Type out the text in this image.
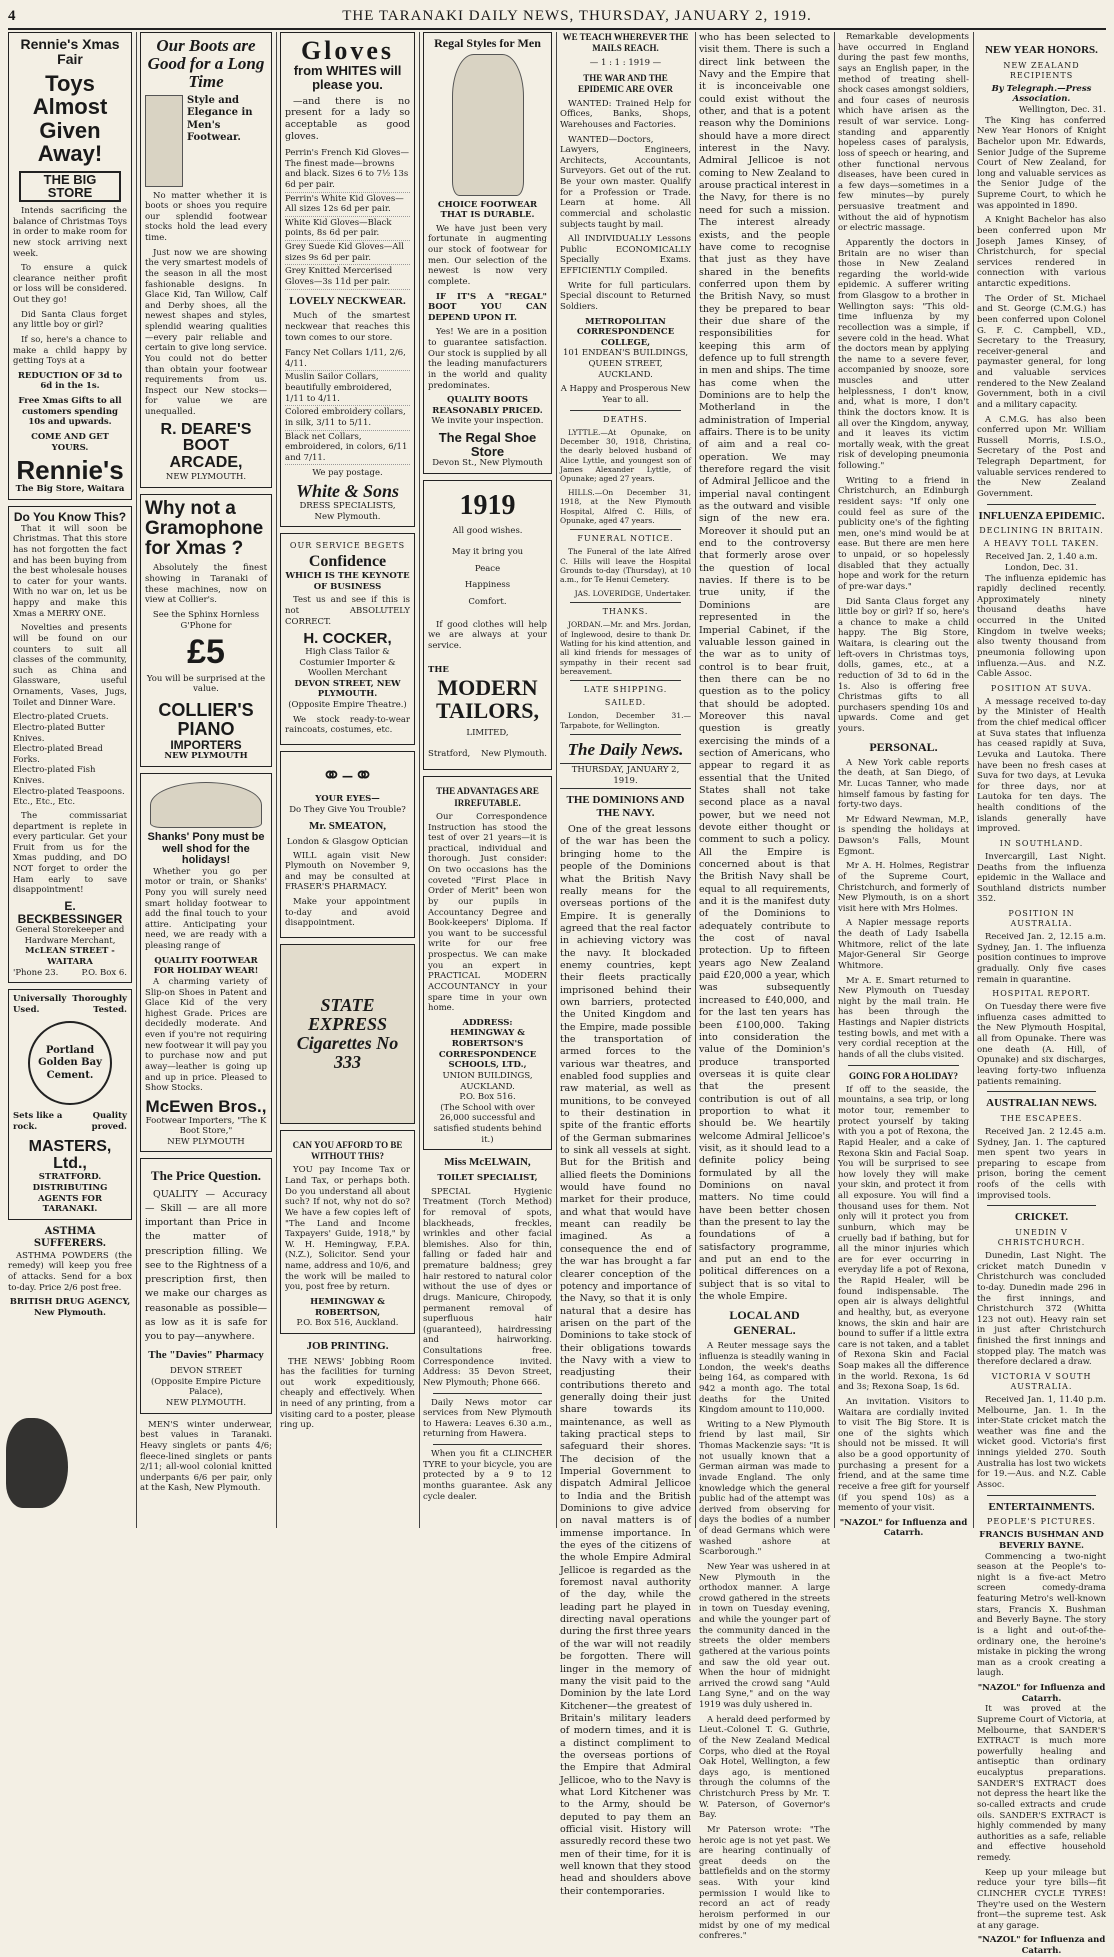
4	THE TARANAKI DAILY NEWS, THURSDAY, JANUARY 2, 1919.
Rennie's Xmas Fair
Toys Almost Given Away!
THE BIG STORE

Intends sacrificing the balance of Christmas Toys in order to make room for new stock arriving next week.

To ensure a quick clearance neither profit or loss will be considered. Out they go!

Did Santa Claus forget any little boy or girl?

If so, here's a chance to make a child happy by getting Toys at a

REDUCTION OF 3d to 6d in the 1s.
Free Xmas Gifts to all customers spending 10s and upwards.
COME AND GET YOURS.
Rennie's
The Big Store, Waitara
Do You Know This?

That it will soon be Christmas. That this store has not forgotten the fact and has been buying from the best wholesale houses to cater for your wants. With no war on, let us be happy and make this Xmas a MERRY ONE.

Novelties and presents will be found on our counters to suit all classes of the community, such as China and Glassware, useful Ornaments, Vases, Jugs, Toilet and Dinner Ware.

Electro-plated Cruets.
Electro-plated Butter Knives.
Electro-plated Bread Forks.
Electro-plated Fish Knives.
Electro-plated Teaspoons.
Etc., Etc., Etc.

The commissariat department is replete in every particular. Get your Fruit from us for the Xmas pudding, and DO NOT forget to order the Ham early to save disappointment!

E. BECKBESSINGER
General Storekeeper and Hardware Merchant,
McLEAN STREET - WAITARA
'Phone 23.	P.O. Box 6.
Universally Used.
Thoroughly Tested.
Portland Golden Bay Cement.
Sets like a rock.
Quality proved.
MASTERS, Ltd.,
STRATFORD.
DISTRIBUTING AGENTS FOR TARANAKI.
ASTHMA SUFFERERS.

ASTHMA POWDERS (the remedy) will keep you free of attacks. Send for a box to-day. Price 2/6 post free.

BRITISH DRUG AGENCY, New Plymouth.
Our Boots are Good for a Long Time
Style and Elegance in Men's Footwear.

No matter whether it is boots or shoes you require our splendid footwear stocks hold the lead every time.

Just now we are showing the very smartest models of the season in all the most fashionable designs. In Glace Kid, Tan Willow, Calf and Derby shoes, all the newest shapes and styles, splendid wearing qualities—every pair reliable and certain to give long service. You could not do better than obtain your footwear requirements from us. Inspect our New stocks—for value we are unequalled.

R. DEARE'S BOOT ARCADE,
NEW PLYMOUTH.
Why not a Gramophone for Xmas ?

Absolutely the finest showing in Taranaki of these machines, now on view at Collier's.

See the Sphinx Hornless G'Phone for
£5
You will be surprised at the value.
COLLIER'S PIANO
IMPORTERS
NEW PLYMOUTH
Shanks' Pony must be well shod for the holidays!

Whether you go per motor or train, or Shanks' Pony you will surely need smart holiday footwear to add the final touch to your attire. Anticipating your need, we are ready with a pleasing range of

QUALITY FOOTWEAR FOR HOLIDAY WEAR!

A charming variety of Slip-on Shoes in Patent and Glace Kid of the very highest Grade. Prices are decidedly moderate. And even if you're not requiring new footwear it will pay you to purchase now and put away—leather is going up and up in price. Pleased to Show Stocks.

McEwen Bros.,
Footwear Importers, "The K Boot Store,"
NEW PLYMOUTH
The Price Question.

QUALITY — Accuracy — Skill — are all more important than Price in the matter of prescription filling. We see to the Rightness of a prescription first, then we make our charges as reasonable as possible—as low as it is safe for you to pay—anywhere.

The "Davies" Pharmacy
DEVON STREET
(Opposite Empire Picture Palace),
NEW PLYMOUTH.

MEN'S winter underwear, best values in Taranaki. Heavy singlets or pants 4/6; fleece-lined singlets or pants 2/11; all-wool colonial knitted underpants 6/6 per pair, only at the Kash, New Plymouth.

Gloves
from WHITES will please you.

—and there is no present for a lady so acceptable as good gloves.

Perrin's French Kid Gloves—The finest made—browns and black. Sizes 6 to 7½ 13s 6d per pair.
Perrin's White Kid Gloves—All sizes 12s 6d per pair.
White Kid Gloves—Black points, 8s 6d per pair.
Grey Suede Kid Gloves—All sizes 9s 6d per pair.
Grey Knitted Mercerised Gloves—3s 11d per pair.
LOVELY NECKWEAR.

Much of the smartest neckwear that reaches this town comes to our store.

Fancy Net Collars 1/11, 2/6, 4/11.
Muslin Sailor Collars, beautifully embroidered, 1/11 to 4/11.
Colored embroidery collars, in silk, 3/11 to 5/11.
Black net Collars, embroidered, in colors, 6/11 and 7/11.
We pay postage.
White & Sons
DRESS SPECIALISTS,
New Plymouth.
OUR SERVICE BEGETS
Confidence
WHICH IS THE KEYNOTE OF BUSINESS

Test us and see if this is not ABSOLUTELY CORRECT.

H. COCKER,
High Class Tailor & Costumier Importer & Woollen Merchant
DEVON STREET, NEW PLYMOUTH.
(Opposite Empire Theatre.)

We stock ready-to-wear raincoats, costumes, etc.

⚭–⚭
YOUR EYES—
Do They Give You Trouble?
Mr. SMEATON,
London & Glasgow Optician

WILL again visit New Plymouth on November 9, and may be consulted at FRASER'S PHARMACY.

Make your appointment to-day and avoid disappointment.

STATE EXPRESS Cigarettes No 333
CAN YOU AFFORD TO BE WITHOUT THIS?

YOU pay Income Tax or Land Tax, or perhaps both. Do you understand all about such? If not, why not do so? We have a few copies left of "The Land and Income Taxpayers' Guide, 1918," by W. H. Hemingway, F.P.A. (N.Z.), Solicitor. Send your name, address and 10/6, and the work will be mailed to you, post free by return.

HEMINGWAY & ROBERTSON,
P.O. Box 516, Auckland.
JOB PRINTING.

THE NEWS' Jobbing Room has the facilities for turning out work expeditiously, cheaply and effectively. When in need of any printing, from a visiting card to a poster, please ring up.

Regal Styles for Men
CHOICE FOOTWEAR THAT IS DURABLE.

We have just been very fortunate in augmenting our stock of footwear for men. Our selection of the newest is now very complete.

IF IT'S A "REGAL" BOOT YOU CAN DEPEND UPON IT.

Yes! We are in a position to guarantee satisfaction. Our stock is supplied by all the leading manufacturers in the world and quality predominates.

QUALITY BOOTS REASONABLY PRICED.
We invite your inspection.
The Regal Shoe Store
Devon St., New Plymouth
1919
All good wishes.
May it bring you
Peace
Happiness
Comfort.

If good clothes will help we are always at your service.

THE
MODERN TAILORS,
LIMITED,
Stratford, New Plymouth.
THE ADVANTAGES ARE IRREFUTABLE.

Our Correspondence Instruction has stood the test of over 21 years—it is practical, individual and thorough. Just consider: On two occasions has the coveted "First Place in Order of Merit" been won by our pupils in Accountancy Degree and Book-keepers' Diploma. If you want to be successful write for our free prospectus. We can make you an expert in PRACTICAL MODERN ACCOUNTANCY in your spare time in your own home.

ADDRESS:
HEMINGWAY & ROBERTSON'S CORRESPONDENCE SCHOOLS, LTD.,
UNION BUILDINGS, AUCKLAND.
P.O. Box 516.
(The School with over 26,000 successful and satisfied students behind it.)
Miss McELWAIN,
TOILET SPECIALIST,

SPECIAL Hygienic Treatment (Torch Method) for removal of spots, blackheads, freckles, wrinkles and other facial blemishes. Also for thin, falling or faded hair and premature baldness; grey hair restored to natural color without the use of dyes or drugs. Manicure, Chiropody, permanent removal of superfluous hair (guaranteed), hairdressing and hairworking. Consultations free. Correspondence invited. Address: 35 Devon Street, New Plymouth; Phone 666.

Daily News motor car services from New Plymouth to Hawera: Leaves 6.30 a.m., returning from Hawera.

When you fit a CLINCHER TYRE to your bicycle, you are protected by a 9 to 12 months guarantee. Ask any cycle dealer.

WE TEACH WHEREVER THE MAILS REACH.
— 1 : 1 : 1919 —
THE WAR AND THE EPIDEMIC ARE OVER

WANTED: Trained Help for Offices, Banks, Shops, Warehouses and Factories.

WANTED—Doctors, Lawyers, Engineers, Architects, Accountants, Surveyors. Get out of the rut. Be your own master. Qualify for a Profession or Trade. Learn at home. All commercial and scholastic subjects taught by mail.

All INDIVIDUALLY Lessons Public ECONOMICALLY Specially Exams. EFFICIENTLY Compiled.

Write for full particulars. Special discount to Returned Soldiers.

METROPOLITAN CORRESPONDENCE COLLEGE,
101 ENDEAN'S BUILDINGS, QUEEN STREET, AUCKLAND.
A Happy and Prosperous New Year to all.
DEATHS.

LYTTLE.—At Opunake, on December 30, 1918, Christina, the dearly beloved husband of Alice Lyttle, and youngest son of James Alexander Lyttle, of Opunake; aged 27 years.

HILLS.—On December 31, 1918, at the New Plymouth Hospital, Alfred C. Hills, of Opunake, aged 47 years.

FUNERAL NOTICE.

The Funeral of the late Alfred C. Hills will leave the Hospital Grounds to-day (Thursday), at 10 a.m., for Te Henui Cemetery.

JAS. LOVERIDGE, Undertaker.
THANKS.

JORDAN.—Mr. and Mrs. Jordan, of Inglewood, desire to thank Dr. Watling for his kind attention, and all kind friends for messages of sympathy in their recent sad bereavement.

LATE SHIPPING.
SAILED.

London, December 31.—Tarpabote, for Wellington.

The Daily News.
THURSDAY, JANUARY 2, 1919.
THE DOMINIONS AND THE NAVY.

One of the great lessons of the war has been the bringing home to the people of the Dominions what the British Navy really means for the overseas portions of the Empire. It is generally agreed that the real factor in achieving victory was the navy. It blockaded enemy countries, kept their fleets practically imprisoned behind their own barriers, protected the United Kingdom and the Empire, made possible the transportation of armed forces to the various war theatres, and enabled food supplies and raw material, as well as munitions, to be conveyed to their destination in spite of the frantic efforts of the German submarines to sink all vessels at sight. But for the British and allied fleets the Dominions would have found no market for their produce, and what that would have meant can readily be imagined. As a consequence the end of the war has brought a far clearer conception of the potency and importance of the Navy, so that it is only natural that a desire has arisen on the part of the Dominions to take stock of their obligations towards the Navy with a view to readjusting their contributions thereto and generally doing their just share towards its maintenance, as well as taking practical steps to safeguard their shores. The decision of the Imperial Government to dispatch Admiral Jellicoe to India and the British Dominions to give advice on naval matters is of immense importance. In the eyes of the citizens of the whole Empire Admiral Jellicoe is regarded as the foremost naval authority of the day, while the leading part he played in directing naval operations during the first three years of the war will not readily be forgotten. There will linger in the memory of many the visit paid to the Dominion by the late Lord Kitchener—the greatest of Britain's military leaders of modern times, and it is a distinct compliment to the overseas portions of the Empire that Admiral Jellicoe, who to the Navy is what Lord Kitchener was to the Army, should be deputed to pay them an official visit. History will assuredly record these two men of their time, for it is well known that they stood head and shoulders above their contemporaries.

who has been selected to visit them. There is such a direct link between the Navy and the Empire that it is inconceivable one could exist without the other, and that is a potent reason why the Dominions should have a more direct interest in the Navy. Admiral Jellicoe is not coming to New Zealand to arouse practical interest in the Navy, for there is no need for such a mission. The interest already exists, and the people have come to recognise that just as they have shared in the benefits conferred upon them by the British Navy, so must they be prepared to bear their due share of the responsibilities for keeping this arm of defence up to full strength in men and ships. The time has come when the Dominions are to help the Motherland in the administration of Imperial affairs. There is to be unity of aim and a real co-operation. We may therefore regard the visit of Admiral Jellicoe and the imperial naval contingent as the outward and visible sign of the new era. Moreover it should put an end to the controversy that formerly arose over the question of local navies. If there is to be true unity, if the Dominions are represented in the Imperial Cabinet, if the valuable lesson gained in the war as to unity of control is to bear fruit, then there can be no question as to the policy that should be adopted. Moreover this naval question is greatly exercising the minds of a section of Americans, who appear to regard it as essential that the United States shall not take second place as a naval power, but we need not devote either thought or comment to such a policy. All the Empire is concerned about is that the British Navy shall be equal to all requirements, and it is the manifest duty of the Dominions to adequately contribute to the cost of naval protection. Up to fifteen years ago New Zealand paid £20,000 a year, which was subsequently increased to £40,000, and for the last ten years has been £100,000. Taking into consideration the value of the Dominion's produce transported overseas it is quite clear that the present contribution is out of all proportion to what it should be. We heartily welcome Admiral Jellicoe's visit, as it should lead to a definite policy being formulated by all the Dominions on naval matters. No time could have been better chosen than the present to lay the foundations of a satisfactory programme, and put an end to the political differences on a subject that is so vital to the whole Empire.

LOCAL AND GENERAL.

A Reuter message says the influenza is steadily waning in London, the week's deaths being 164, as compared with 942 a month ago. The total deaths for the United Kingdom amount to 110,000.

Writing to a New Plymouth friend by last mail, Sir Thomas Mackenzie says: "It is not usually known that a German airman was made to invade England. The only knowledge which the general public had of the attempt was derived from observing for days the bodies of a number of dead Germans which were washed ashore at Scarborough."

New Year was ushered in at New Plymouth in the orthodox manner. A large crowd gathered in the streets in town on Tuesday evening, and while the younger part of the community danced in the streets the older members gathered at the various points and saw the old year out. When the hour of midnight arrived the crowd sang "Auld Lang Syne," and on the way 1919 was duly ushered in.

A herald deed performed by Lieut.-Colonel T. G. Guthrie, of the New Zealand Medical Corps, who died at the Royal Oak Hotel, Wellington, a few days ago, is mentioned through the columns of the Christchurch Press by Mr. T. W. Paterson, of Governor's Bay.

Mr Paterson wrote: "The heroic age is not yet past. We are hearing continually of great deeds on the battlefields and on the stormy seas. With your kind permission I would like to record an act of ready heroism performed in our midst by one of my medical confreres."

Remarkable developments have occurred in England during the past few months, says an English paper, in the method of treating shell-shock cases amongst soldiers, and four cases of neurosis which have arisen as the result of war service. Long-standing and apparently hopeless cases of paralysis, loss of speech or hearing, and other functional nervous diseases, have been cured in a few days—sometimes in a few minutes—by purely persuasive treatment and without the aid of hypnotism or electric massage.

Apparently the doctors in Britain are no wiser than those in New Zealand regarding the world-wide epidemic. A sufferer writing from Glasgow to a brother in Wellington says: "This old-time influenza by my recollection was a simple, if severe cold in the head. What the doctors mean by applying the name to a severe fever, accompanied by snooze, sore muscles and utter helplessness, I don't know, and, what is more, I don't think the doctors know. It is all over the Kingdom, anyway, and it leaves its victim mortally weak, with the great risk of developing pneumonia following."

Writing to a friend in Christchurch, an Edinburgh resident says: "If only one could feel as sure of the publicity one's of the fighting men, one's mind would be at ease. But there are men here to unpaid, or so hopelessly disabled that they actually hope and work for the return of pre-war days."

Did Santa Claus forget any little boy or girl? If so, here's a chance to make a child happy. The Big Store, Waitara, is clearing out the left-overs in Christmas toys, dolls, games, etc., at a reduction of 3d to 6d in the 1s. Also is offering free Christmas gifts to all purchasers spending 10s and upwards. Come and get yours.

PERSONAL.

A New York cable reports the death, at San Diego, of Mr. Lucas Tanner, who made himself famous by fasting for forty-two days.

Mr Edward Newman, M.P., is spending the holidays at Dawson's Falls, Mount Egmont.

Mr A. H. Holmes, Registrar of the Supreme Court, Christchurch, and formerly of New Plymouth, is on a short visit here with Mrs Holmes.

A Napier message reports the death of Lady Isabella Whitmore, relict of the late Major-General Sir George Whitmore.

Mr A. E. Smart returned to New Plymouth on Tuesday night by the mail train. He has been through the Hastings and Napier districts testing bowls, and met with a very cordial reception at the hands of all the clubs visited.

GOING FOR A HOLIDAY?

If off to the seaside, the mountains, a sea trip, or long motor tour, remember to protect yourself by taking with you a pot of Rexona, the Rapid Healer, and a cake of Rexona Skin and Facial Soap. You will be surprised to see how lovely they will make your skin, and protect it from all exposure. You will find a thousand uses for them. Not only will it protect you from sunburn, which may be cruelly bad if bathing, but for all the minor injuries which are for ever occurring in everyday life a pot of Rexona, the Rapid Healer, will be found indispensable. The open air is always delightful and healthy, but, as everyone knows, the skin and hair are bound to suffer if a little extra care is not taken, and a tablet of Rexona Skin and Facial Soap makes all the difference in the world. Rexona, 1s 6d and 3s; Rexona Soap, 1s 6d.

An invitation. Visitors to Waitara are cordially invited to visit The Big Store. It is one of the sights which should not be missed. It will also be a good opportunity of purchasing a present for a friend, and at the same time receive a free gift for yourself (if you spend 10s) as a memento of your visit.

"NAZOL" for Influenza and Catarrh.
NEW YEAR HONORS.
NEW ZEALAND RECIPIENTS
By Telegraph.—Press Association.
Wellington, Dec. 31.

The King has conferred New Year Honors of Knight Bachelor upon Mr. Edwards, Senior Judge of the Supreme Court of New Zealand, for long and valuable services as the Senior Judge of the Supreme Court, to which he was appointed in 1890.

A Knight Bachelor has also been conferred upon Mr Joseph James Kinsey, of Christchurch, for special services rendered in connection with various antarctic expeditions.

The Order of St. Michael and St. George (C.M.G.) has been conferred upon Colonel G. F. C. Campbell, V.D., Secretary to the Treasury, receiver-general and paymaster general, for long and valuable services rendered to the New Zealand Government, both in a civil and a military capacity.

A C.M.G. has also been conferred upon Mr. William Russell Morris, I.S.O., Secretary of the Post and Telegraph Department, for valuable services rendered to the New Zealand Government.

INFLUENZA EPIDEMIC.
DECLINING IN BRITAIN.
A HEAVY TOLL TAKEN.
Received Jan. 2, 1.40 a.m. London, Dec. 31.

The influenza epidemic has rapidly declined recently. Approximately ninety thousand deaths have occurred in the United Kingdom in twelve weeks; also twenty thousand from pneumonia following upon influenza.—Aus. and N.Z. Cable Assoc.

POSITION AT SUVA.

A message received to-day by the Minister of Health from the chief medical officer at Suva states that influenza has ceased rapidly at Suva, Levuka and Lautoka. There have been no fresh cases at Suva for two days, at Levuka for three days, nor at Lautoka for ten days. The health conditions of the islands generally have improved.

IN SOUTHLAND.

Invercargill, Last Night. Deaths from the influenza epidemic in the Wallace and Southland districts number 352.

POSITION IN AUSTRALIA.

Received Jan. 2, 12.15 a.m. Sydney, Jan. 1. The influenza position continues to improve gradually. Only five cases remain in quarantine.

HOSPITAL REPORT.

On Tuesday there were five influenza cases admitted to the New Plymouth Hospital, all from Opunake. There was one death (A. Hill, of Opunake) and six discharges, leaving forty-two influenza patients remaining.

AUSTRALIAN NEWS.
THE ESCAPEES.

Received Jan. 2 12.45 a.m. Sydney, Jan. 1. The captured men spent two years in preparing to escape from prison, boring the cement roofs of the cells with improvised tools.

CRICKET.
UNEDIN V CHRISTCHURCH.

Dunedin, Last Night. The cricket match Dunedin v Christchurch was concluded to-day. Dunedin made 296 in the first innings, and Christchurch 372 (Whitta 123 not out). Heavy rain set in just after Christchurch finished the first innings and stopped play. The match was therefore declared a draw.

VICTORIA V SOUTH AUSTRALIA.

Received Jan. 1, 11.40 p.m. Melbourne, Jan. 1. In the inter-State cricket match the weather was fine and the wicket good. Victoria's first innings yielded 270. South Australia has lost two wickets for 19.—Aus. and N.Z. Cable Assoc.

ENTERTAINMENTS.
PEOPLE'S PICTURES.
FRANCIS BUSHMAN AND BEVERLY BAYNE.

Commencing a two-night season at the People's to-night is a five-act Metro screen comedy-drama featuring Metro's well-known stars, Francis X. Bushman and Beverly Bayne. The story is a light and out-of-the-ordinary one, the heroine's mistake in picking the wrong man as a crook creating a laugh.

"NAZOL" for Influenza and Catarrh.

It was proved at the Supreme Court of Victoria, at Melbourne, that SANDER'S EXTRACT is much more powerfully healing and antiseptic than ordinary eucalyptus preparations. SANDER'S EXTRACT does not depress the heart like the so-called extracts and crude oils. SANDER'S EXTRACT is highly commended by many authorities as a safe, reliable and effective household remedy.

Keep up your mileage but reduce your tyre bills—fit CLINCHER CYCLE TYRES! They're used on the Western front—the supreme test. Ask at any garage.

"NAZOL" for Influenza and Catarrh.
